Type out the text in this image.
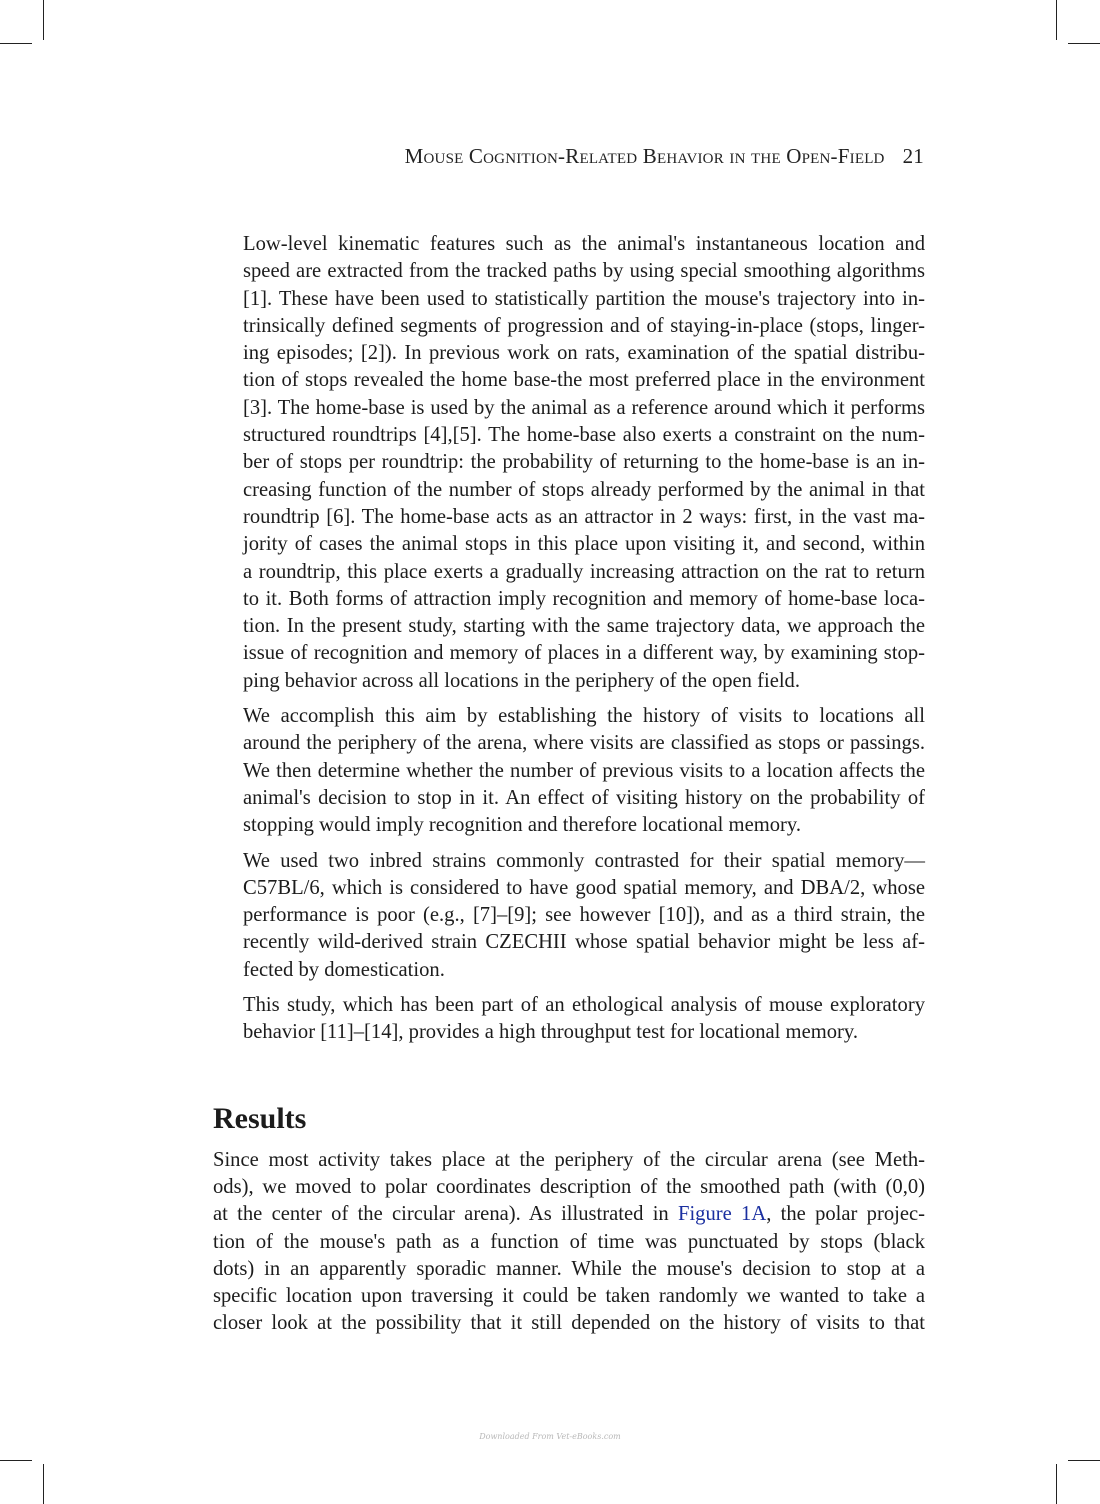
Mouse Cognition-Related Behavior in the Open-Field 21

Low-level kinematic features such as the animal's instantaneous location and
speed are extracted from the tracked paths by using special smoothing algorithms
[1]. These have been used to statistically partition the mouse's trajectory into in-
trinsically defined segments of progression and of staying-in-place (stops, linger-
ing episodes; [2]). In previous work on rats, examination of the spatial distribu-
tion of stops revealed the home base-the most preferred place in the environment
[3]. The home-base is used by the animal as a reference around which it performs
structured roundtrips [4],[5]. The home-base also exerts a constraint on the num-
ber of stops per roundtrip: the probability of returning to the home-base is an in-
creasing function of the number of stops already performed by the animal in that
roundtrip [6]. The home-base acts as an attractor in 2 ways: first, in the vast ma-
jority of cases the animal stops in this place upon visiting it, and second, within
a roundtrip, this place exerts a gradually increasing attraction on the rat to return
to it. Both forms of attraction imply recognition and memory of home-base loca-
tion. In the present study, starting with the same trajectory data, we approach the
issue of recognition and memory of places in a different way, by examining stop-
ping behavior across all locations in the periphery of the open field.

We accomplish this aim by establishing the history of visits to locations all
around the periphery of the arena, where visits are classified as stops or passings.
We then determine whether the number of previous visits to a location affects the
animal's decision to stop in it. An effect of visiting history on the probability of
stopping would imply recognition and therefore locational memory.

We used two inbred strains commonly contrasted for their spatial memory—
C57BL/6, which is considered to have good spatial memory, and DBA/2, whose
performance is poor (e.g., [7]–[9]; see however [10]), and as a third strain, the
recently wild-derived strain CZECHII whose spatial behavior might be less af-
fected by domestication.

This study, which has been part of an ethological analysis of mouse exploratory
behavior [11]–[14], provides a high throughput test for locational memory.

Results

Since most activity takes place at the periphery of the circular arena (see Meth-
ods), we moved to polar coordinates description of the smoothed path (with (0,0)
at the center of the circular arena). As illustrated in Figure 1A, the polar projec-
tion of the mouse's path as a function of time was punctuated by stops (black
dots) in an apparently sporadic manner. While the mouse's decision to stop at a
specific location upon traversing it could be taken randomly we wanted to take a
closer look at the possibility that it still depended on the history of visits to that

Downloaded From Vet-eBooks.com
